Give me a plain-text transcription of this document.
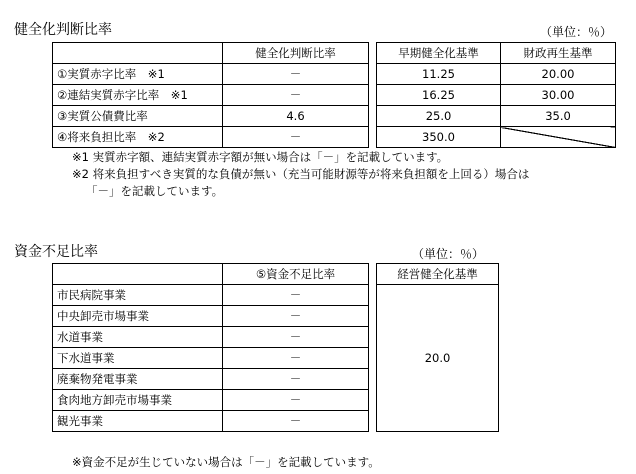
健全化判断比率	（単位：％）
	健全化判断比率		早期健全化基準	財政再生基準
①実質赤字比率　※1	－		11.25	20.00
②連結実質赤字比率　※1	－		16.25	30.00
③実質公債費比率	4.6		25.0	35.0
④将来負担比率　※2	－		350.0	
※1 実質赤字額、連結実質赤字額が無い場合は「－」を記載しています。
※2 将来負担すべき実質的な負債が無い（充当可能財源等が将来負担額を上回る）場合は
「－」を記載しています。
資金不足比率	（単位：％）
	⑤資金不足比率		経営健全化基準
市民病院事業	－		20.0
中央卸売市場事業	－		
水道事業	－		
下水道事業	－		
廃棄物発電事業	－		
食肉地方卸売市場事業	－		
観光事業	－		
※資金不足が生じていない場合は「－」を記載しています。
